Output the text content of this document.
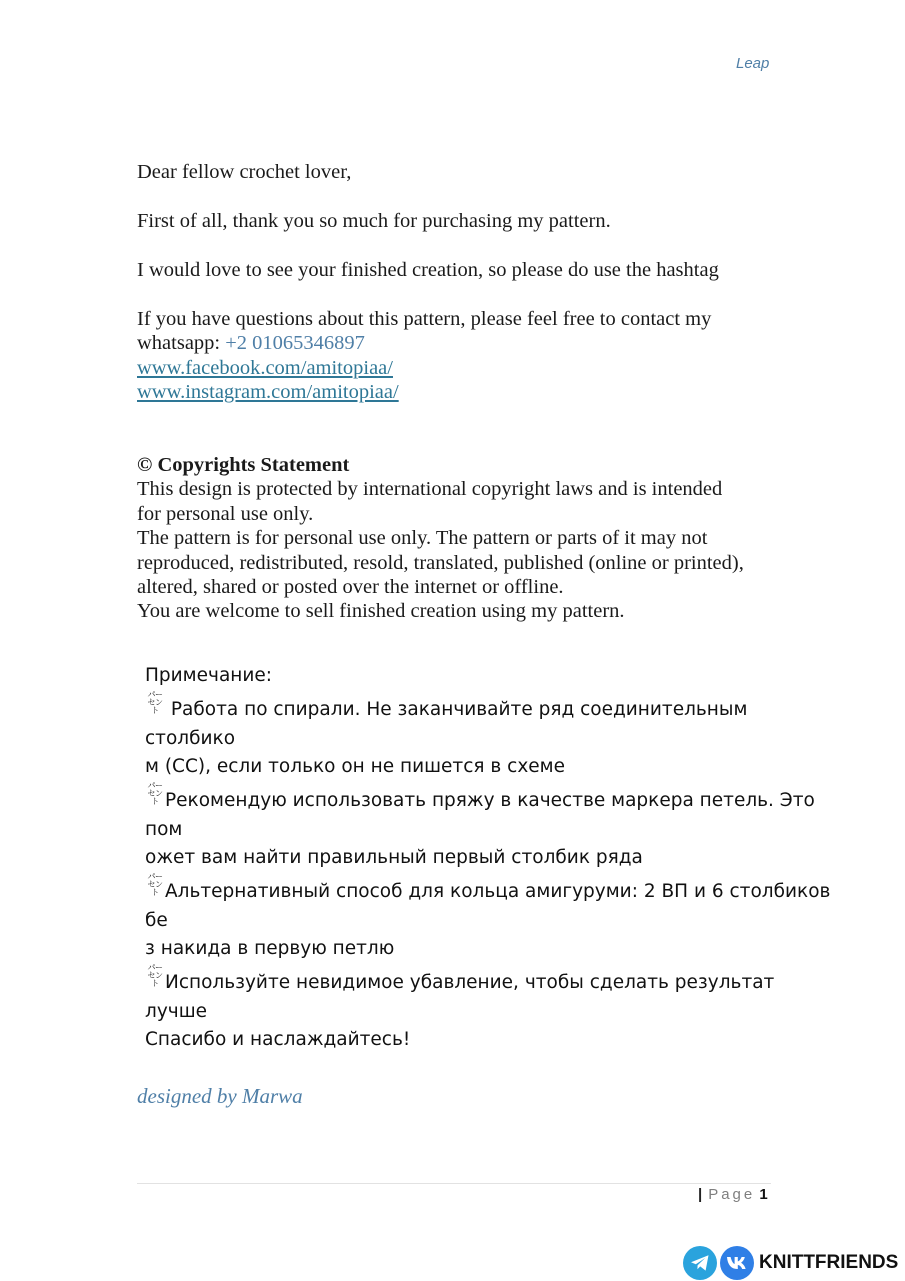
Leap
Dear fellow crochet lover,
First of all, thank you so much for purchasing my pattern.
I would love to see your finished creation, so please do use the hashtag
If you have questions about this pattern, please feel free to contact my
whatsapp: +2 01065346897
www.facebook.com/amitopiaa/
www.instagram.com/amitopiaa/
© Copyrights Statement
This design is protected by international copyright laws and is intended
for personal use only.
The pattern is for personal use only. The pattern or parts of it may not
reproduced, redistributed, resold, translated, published (online or printed),
altered, shared or posted over the internet or offline.
You are welcome to sell finished creation using my pattern.

Примечание:

パー
セント Работа по спирали. Не заканчивайте ряд соединительным столбико
м (СС), если только он не пишется в схеме

パー
セント Рекомендую использовать пряжу в качестве маркера петель. Это пом
ожет вам найти правильный первый столбик ряда

パー
セント Альтернативный способ для кольца амигуруми: 2 ВП и 6 столбиков бе
з накида в первую петлю

パー
セント Используйте невидимое убавление, чтобы сделать результат лучше
Спасибо и наслаждайтесь!

designed by Marwa
| Page 1
KNITTFRIENDS
